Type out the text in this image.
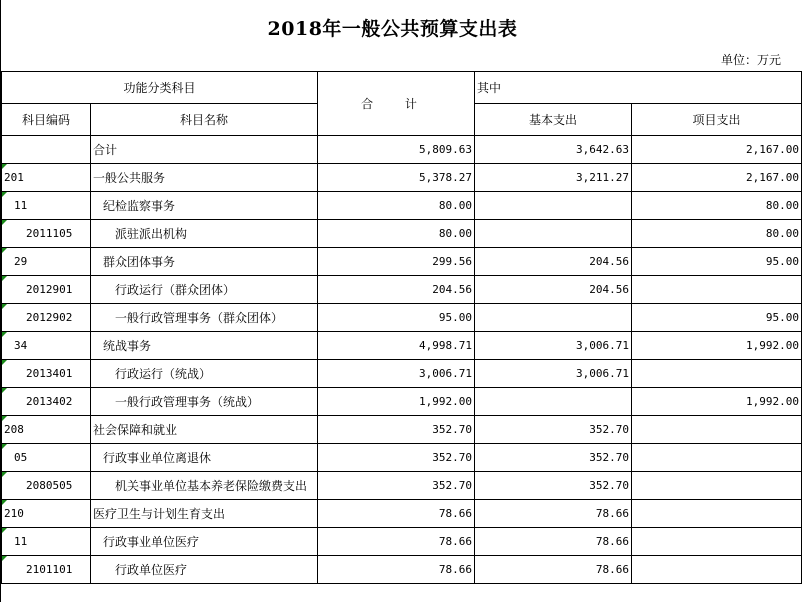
2018年一般公共预算支出表
单位：万元
功能分类科目		合 计	其中	
科目编码	科目名称		基本支出	项目支出
	合计	5,809.63	3,642.63	2,167.00
201	一般公共服务	5,378.27	3,211.27	2,167.00
11	纪检监察事务	80.00		80.00
2011105	派驻派出机构	80.00		80.00
29	群众团体事务	299.56	204.56	95.00
2012901	行政运行（群众团体）	204.56	204.56	
2012902	一般行政管理事务（群众团体）	95.00		95.00
34	统战事务	4,998.71	3,006.71	1,992.00
2013401	行政运行（统战）	3,006.71	3,006.71	
2013402	一般行政管理事务（统战）	1,992.00		1,992.00
208	社会保障和就业	352.70	352.70	
05	行政事业单位离退休	352.70	352.70	
2080505	机关事业单位基本养老保险缴费支出	352.70	352.70	
210	医疗卫生与计划生育支出	78.66	78.66	
11	行政事业单位医疗	78.66	78.66	
2101101	行政单位医疗	78.66	78.66	
